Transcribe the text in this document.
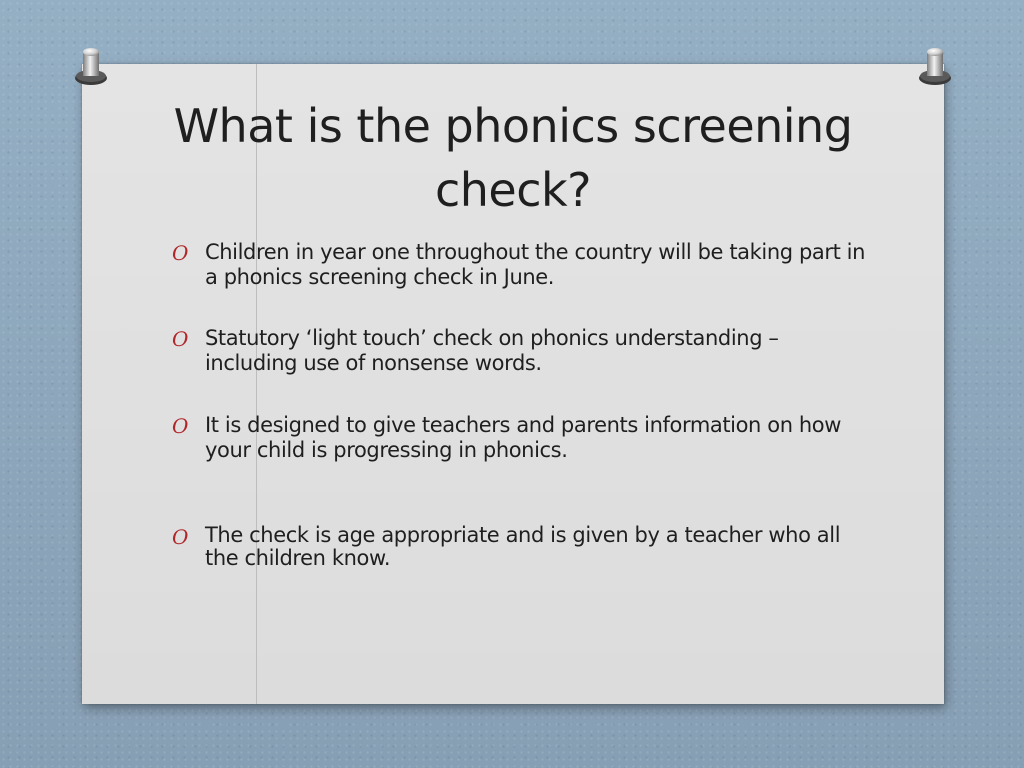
What is the phonics screening check?
O Children in year one throughout the country will be taking part in a phonics screening check in June.
O Statutory ‘light touch’ check on phonics understanding – including use of nonsense words.
O It is designed to give teachers and parents information on how your child is progressing in phonics.
O The check is age appropriate and is given by a teacher who all the children know.
